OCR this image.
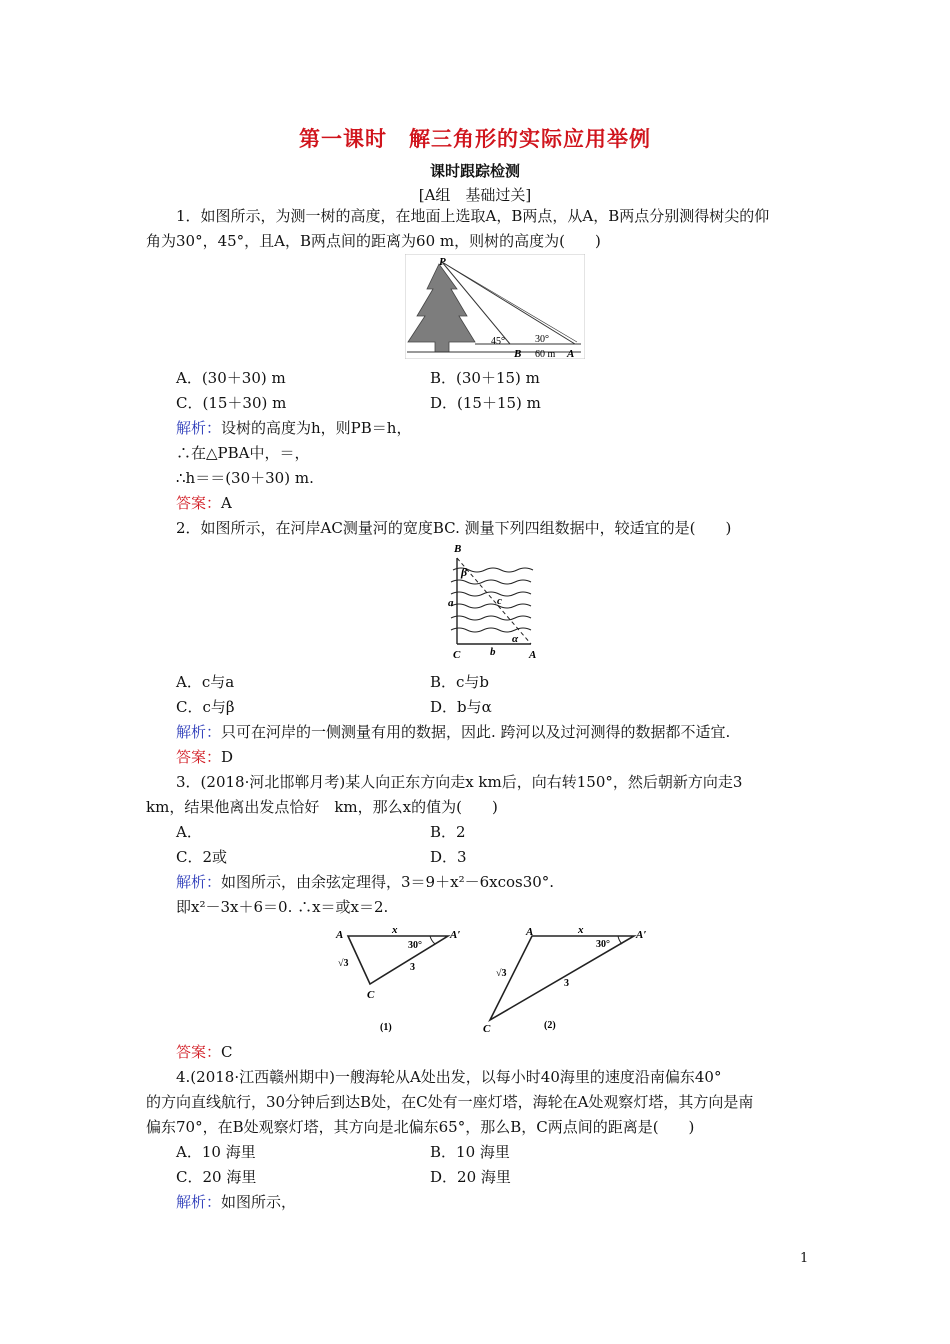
第一课时　解三角形的实际应用举例
课时跟踪检测
[A组　基础过关]
1．如图所示，为测一树的高度，在地面上选取A，B两点，从A，B两点分别测得树尖的仰
角为30°，45°，且A，B两点间的距离为60 m，则树的高度为(　　)
P
B	A
45°	30°
60 m
A．(30＋30) m	B．(30＋15) m
C．(15＋30) m	D．(15＋15) m
解析：设树的高度为h，则PB＝h，
∴在△PBA中，＝，
∴h＝＝(30＋30) m.
答案：A
2．如图所示，在河岸AC测量河的宽度BC. 测量下列四组数据中，较适宜的是(　　)
B
β
a	c
α
C	b	A
A．c与a	B．c与b
C．c与β	D．b与α
解析：只可在河岸的一侧测量有用的数据，因此. 跨河以及过河测得的数据都不适宜.
答案：D
3．(2018·河北邯郸月考)某人向正东方向走x km后，向右转150°，然后朝新方向走3
km，结果他离出发点恰好　km，那么x的值为(　　)
A．	B．2
C．2或	D．3
解析：如图所示，由余弦定理得，3＝9＋x²－6xcos30°.
即x²－3x＋6＝0. ∴x＝或x＝2.
A	x	A′
30°
√3	3
C
(1)
A	x	A′
30°
√3
3
C	(2)
答案：C
4.(2018·江西赣州期中)一艘海轮从A处出发，以每小时40海里的速度沿南偏东40°
的方向直线航行，30分钟后到达B处，在C处有一座灯塔，海轮在A处观察灯塔，其方向是南
偏东70°，在B处观察灯塔，其方向是北偏东65°，那么B，C两点间的距离是(　　)
A．10 海里	B．10 海里
C．20 海里	D．20 海里
解析：如图所示，
1
